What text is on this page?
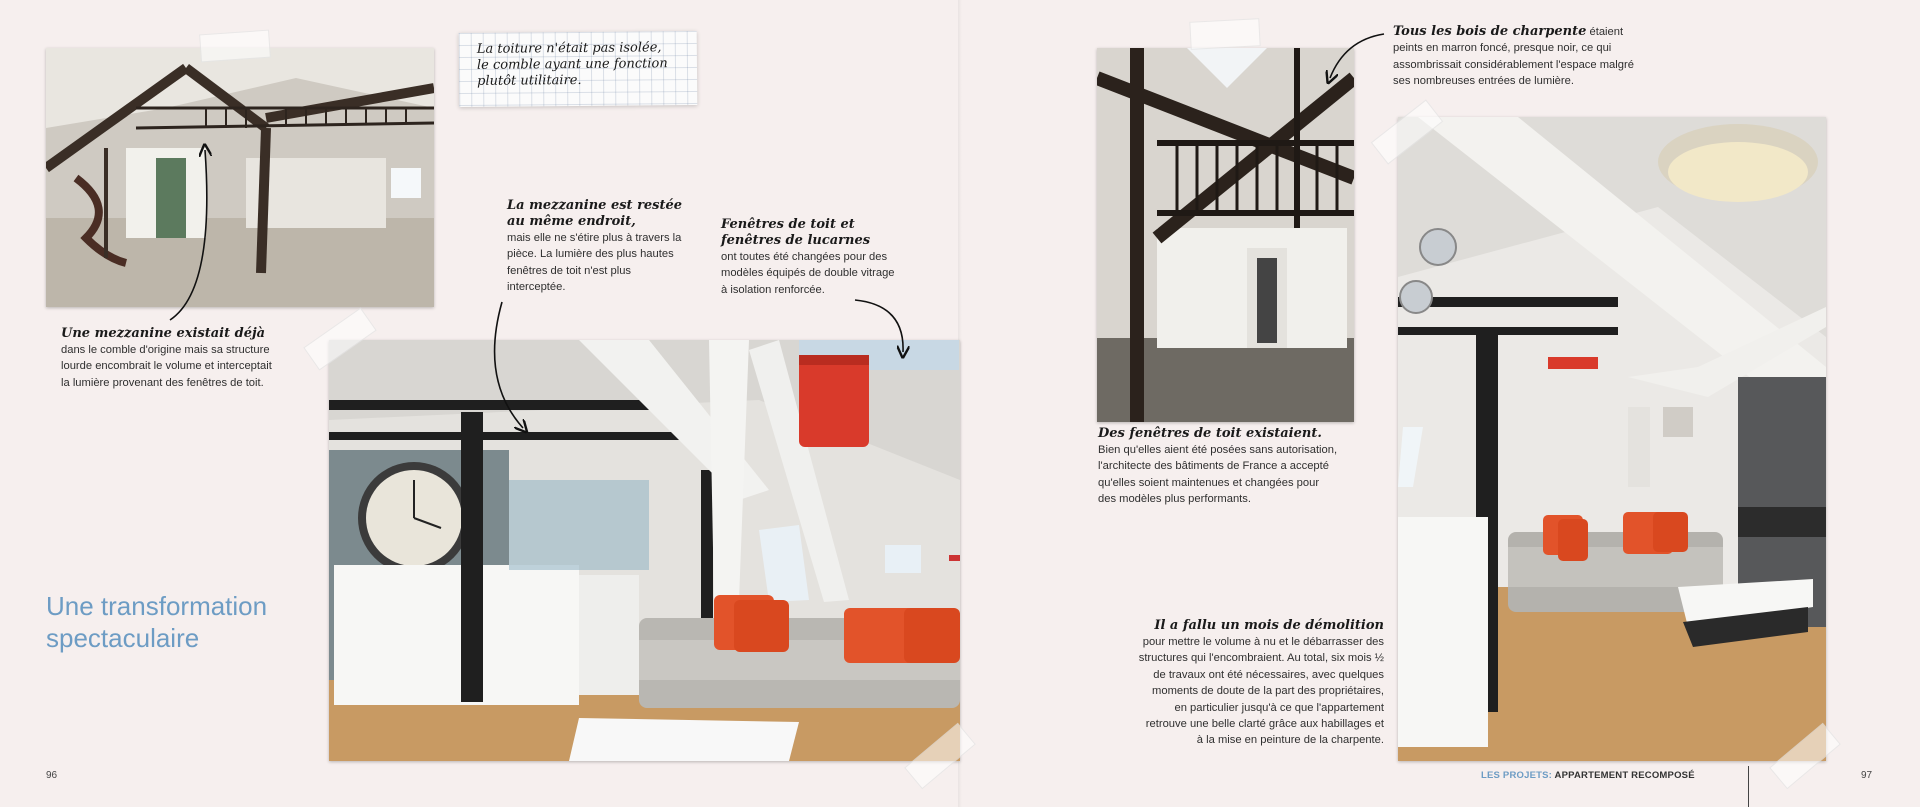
La toiture n'était pas isolée,
le comble ayant une fonction
plutôt utilitaire.
Une mezzanine existait déjà
dans le comble d'origine mais sa structure lourde encombrait le volume et interceptait la lumière provenant des fenêtres de toit.
La mezzanine est restée
au même endroit,
mais elle ne s'étire plus à travers la pièce. La lumière des plus hautes fenêtres de toit n'est plus interceptée.
Fenêtres de toit et
fenêtres de lucarnes
ont toutes été changées pour des modèles équipés de double vitrage à isolation renforcée.
Une transformation
spectaculaire
96
Tous les bois de charpente étaient peints en marron foncé, presque noir, ce qui assombrissait considérablement l'espace malgré ses nombreuses entrées de lumière.
Des fenêtres de toit existaient.
Bien qu'elles aient été posées sans autorisation, l'architecte des bâtiments de France a accepté qu'elles soient maintenues et changées pour des modèles plus performants.
Il a fallu un mois de démolition
pour mettre le volume à nu et le débarrasser des structures qui l'encombraient. Au total, six mois ½ de travaux ont été nécessaires, avec quelques moments de doute de la part des propriétaires, en particulier jusqu'à ce que l'appartement retrouve une belle clarté grâce aux habillages et à la mise en peinture de la charpente.
LES PROJETS: APPARTEMENT RECOMPOSÉ	97
